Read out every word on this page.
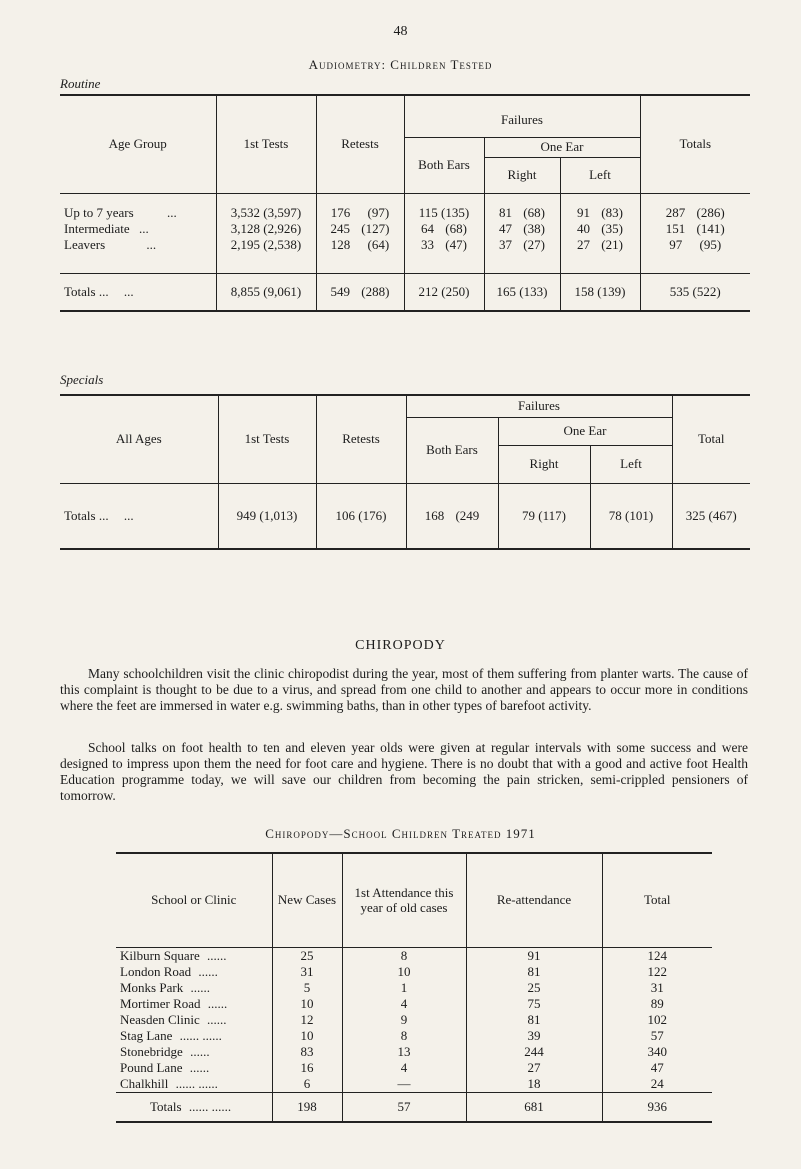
48
Audiometry: Children Tested
Routine
Age Group	1st Tests	Retests	Failures			Totals
			Both Ears	One Ear		
				Right	Left	

Up to 7 years ...	3,532 (3,597)	176 (97)	115 (135)	81 (68)	91 (83)	287 (286)
Intermediate ...	3,128 (2,926)	245 (127)	64 (68)	47 (38)	40 (35)	151 (141)
Leavers ...	2,195 (2,538)	128 (64)	33 (47)	37 (27)	27 (21)	97 (95)

Totals ... ...	8,855 (9,061)	549 (288)	212 (250)	165 (133)	158 (139)	535 (522)
Specials
All Ages	1st Tests	Retests	Failures			Total
			Both Ears	One Ear		
				Right	Left	
Totals ... ...	949 (1,013)	106 (176)	168 (249	79 (117)	78 (101)	325 (467)
CHIROPODY
Many schoolchildren visit the clinic chiropodist during the year, most of them suffering from planter warts. The cause of this complaint is thought to be due to a virus, and spread from one child to another and appears to occur more in conditions where the feet are immersed in water e.g. swimming baths, than in other types of barefoot activity.
School talks on foot health to ten and eleven year olds were given at regular intervals with some success and were designed to impress upon them the need for foot care and hygiene. There is no doubt that with a good and active foot Health Education programme today, we will save our children from becoming the pain stricken, semi-crippled pensioners of tomorrow.
Chiropody—School Children Treated 1971
School or Clinic	New Cases	1st Attendance this year of old cases	Re-attendance	Total
Kilburn Square ......	25	8	91	124
London Road ......	31	10	81	122
Monks Park ......	5	1	25	31
Mortimer Road ......	10	4	75	89
Neasden Clinic ......	12	9	81	102
Stag Lane ...... ......	10	8	39	57
Stonebridge ......	83	13	244	340
Pound Lane ......	16	4	27	47
Chalkhill ...... ......	6	—	18	24
Totals ...... ......	198	57	681	936
